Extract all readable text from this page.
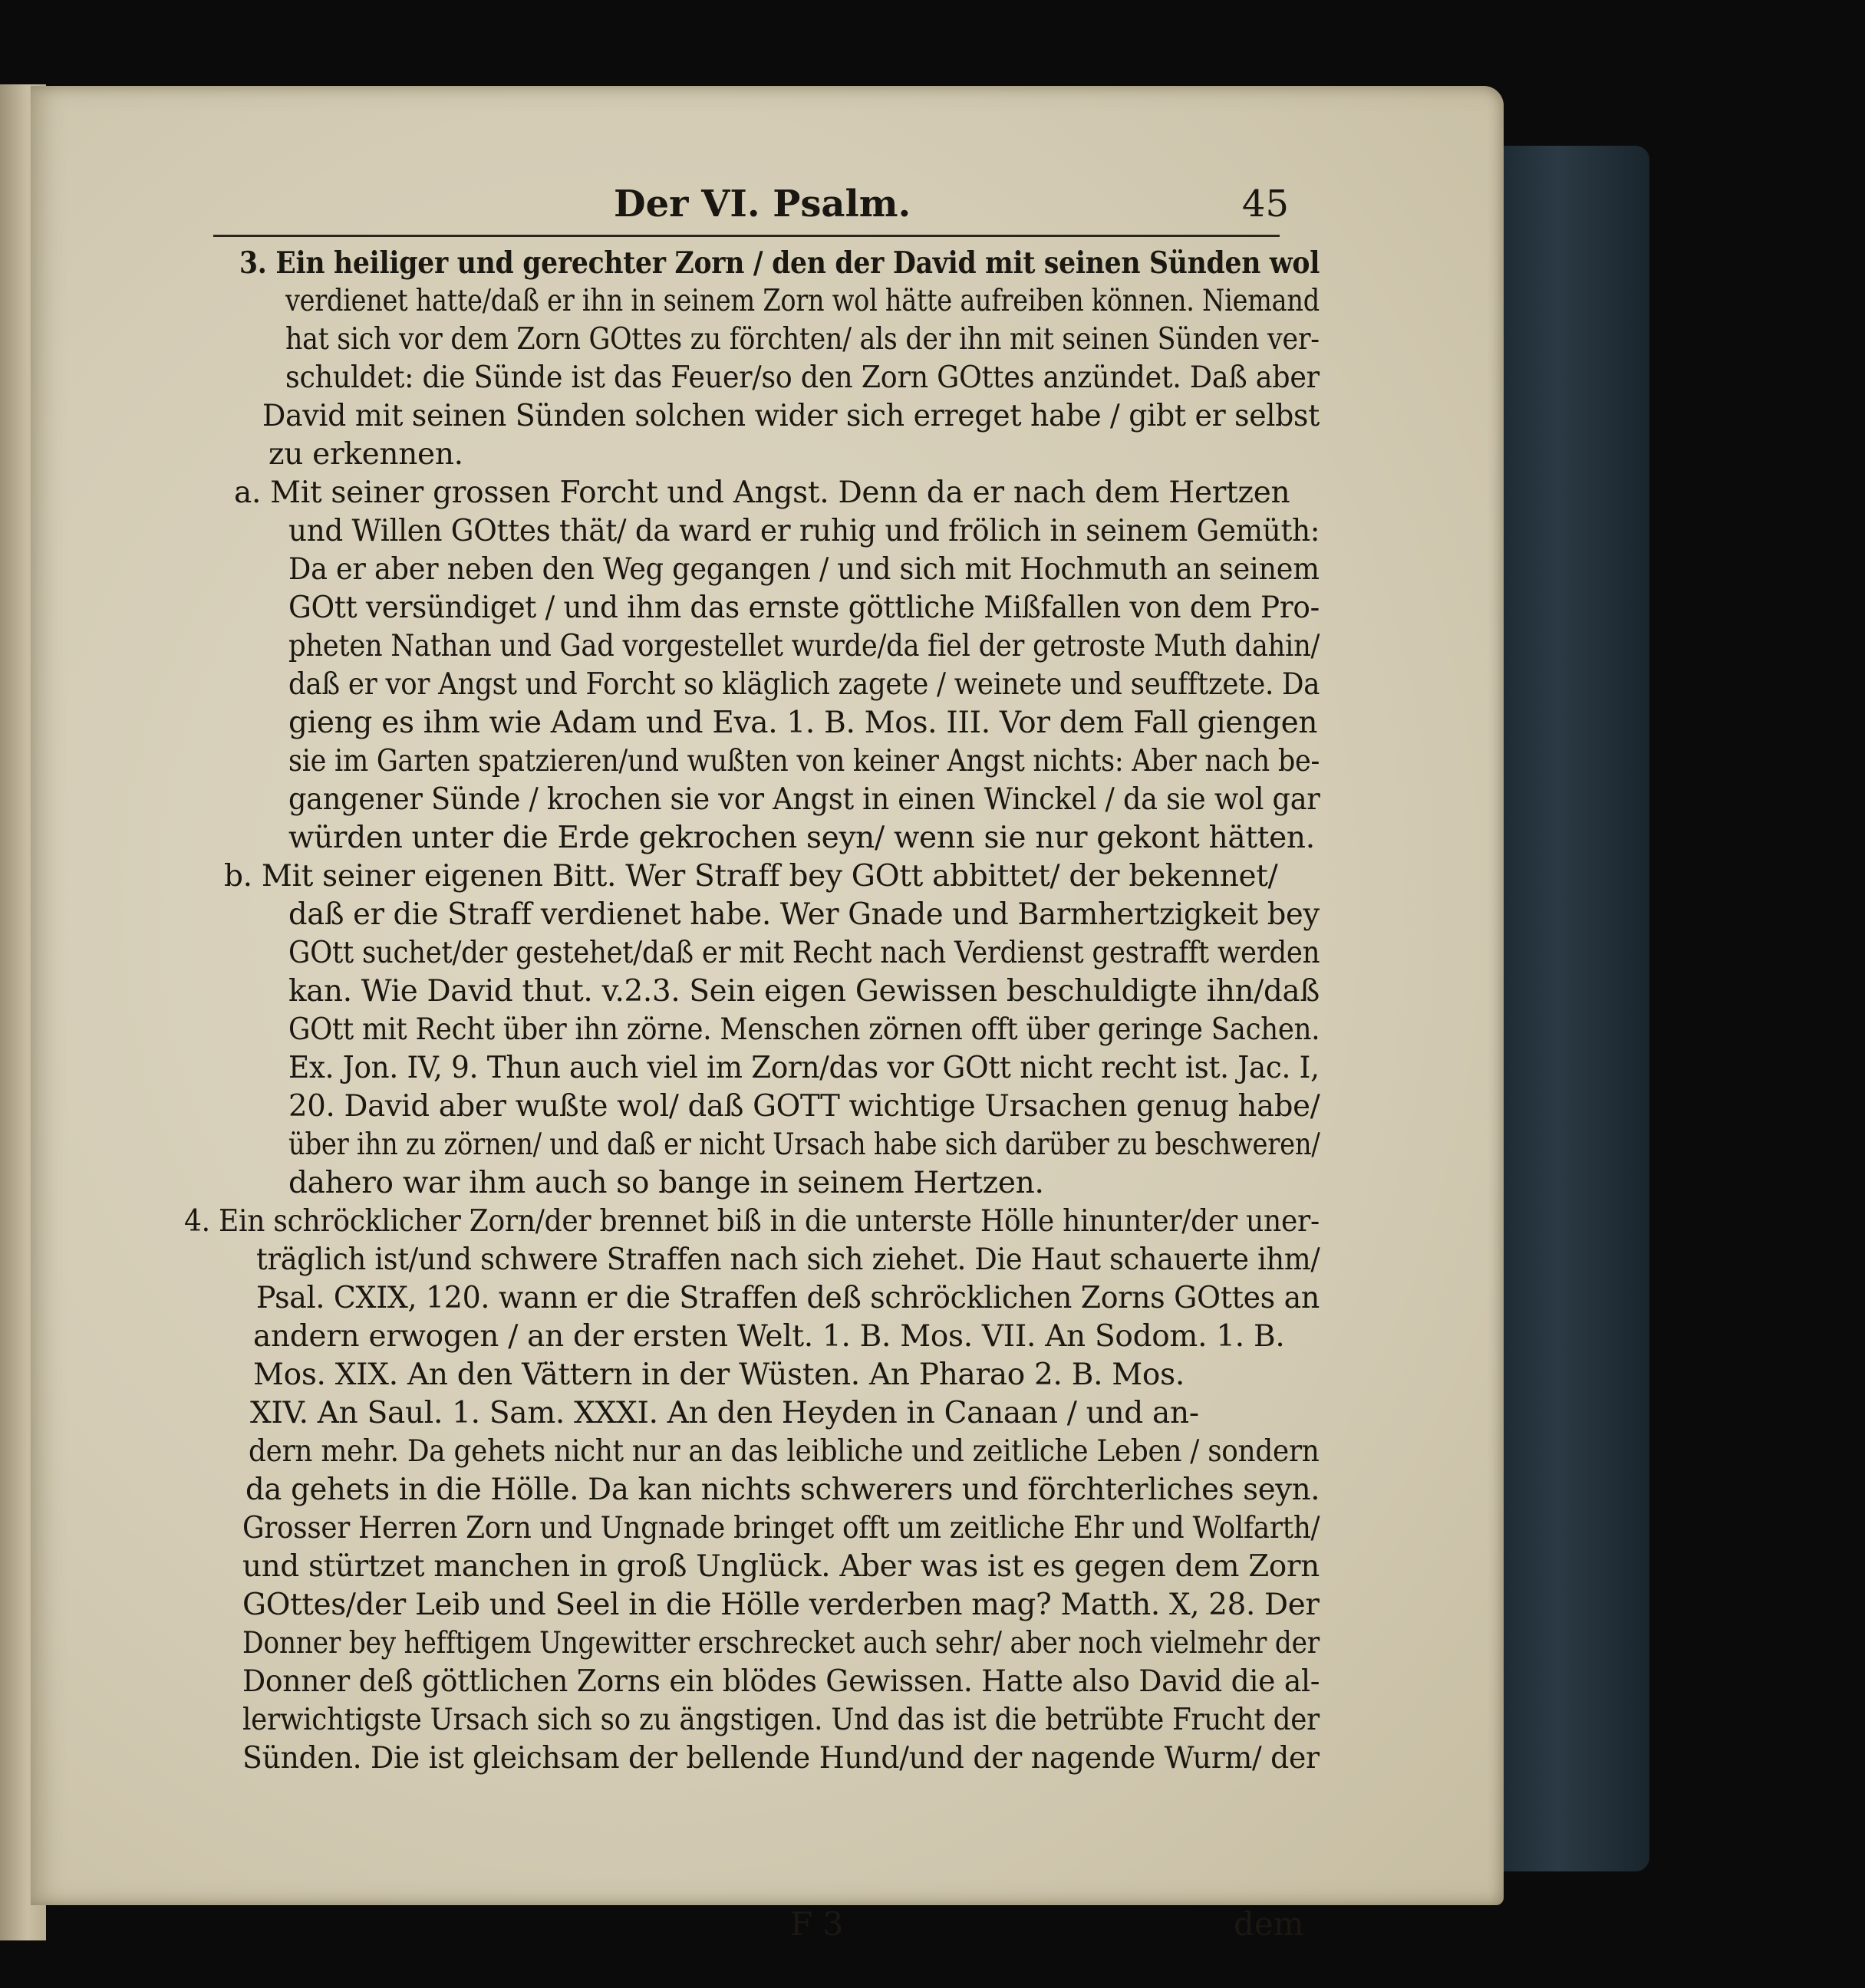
Der VI. Psalm.	45
3. Ein heiliger und gerechter Zorn / den der David mit seinen Sünden wol
verdienet hatte/daß er ihn in seinem Zorn wol hätte aufreiben können. Niemand
hat sich vor dem Zorn GOttes zu förchten/ als der ihn mit seinen Sünden ver-
schuldet: die Sünde ist das Feuer/so den Zorn GOttes anzündet. Daß aber
David mit seinen Sünden solchen wider sich erreget habe / gibt er selbst
zu erkennen.
a. Mit seiner grossen Forcht und Angst. Denn da er nach dem Hertzen
und Willen GOttes thät/ da ward er ruhig und frölich in seinem Gemüth:
Da er aber neben den Weg gegangen / und sich mit Hochmuth an seinem
GOtt versündiget / und ihm das ernste göttliche Mißfallen von dem Pro-
pheten Nathan und Gad vorgestellet wurde/da fiel der getroste Muth dahin/
daß er vor Angst und Forcht so kläglich zagete / weinete und seufftzete. Da
gieng es ihm wie Adam und Eva. 1. B. Mos. III. Vor dem Fall giengen
sie im Garten spatzieren/und wußten von keiner Angst nichts: Aber nach be-
gangener Sünde / krochen sie vor Angst in einen Winckel / da sie wol gar
würden unter die Erde gekrochen seyn/ wenn sie nur gekont hätten.
b. Mit seiner eigenen Bitt. Wer Straff bey GOtt abbittet/ der bekennet/
daß er die Straff verdienet habe. Wer Gnade und Barmhertzigkeit bey
GOtt suchet/der gestehet/daß er mit Recht nach Verdienst gestrafft werden
kan. Wie David thut. v.2.3. Sein eigen Gewissen beschuldigte ihn/daß
GOtt mit Recht über ihn zörne. Menschen zörnen offt über geringe Sachen.
Ex. Jon. IV, 9. Thun auch viel im Zorn/das vor GOtt nicht recht ist. Jac. I,
20. David aber wußte wol/ daß GOTT wichtige Ursachen genug habe/
über ihn zu zörnen/ und daß er nicht Ursach habe sich darüber zu beschweren/
dahero war ihm auch so bange in seinem Hertzen.
4. Ein schröcklicher Zorn/der brennet biß in die unterste Hölle hinunter/der uner-
träglich ist/und schwere Straffen nach sich ziehet. Die Haut schauerte ihm/
Psal. CXIX, 120. wann er die Straffen deß schröcklichen Zorns GOttes an
andern erwogen / an der ersten Welt. 1. B. Mos. VII. An Sodom. 1. B.
Mos. XIX. An den Vättern in der Wüsten. An Pharao 2. B. Mos.
XIV. An Saul. 1. Sam. XXXI. An den Heyden in Canaan / und an-
dern mehr. Da gehets nicht nur an das leibliche und zeitliche Leben / sondern
da gehets in die Hölle. Da kan nichts schwerers und förchterliches seyn.
Grosser Herren Zorn und Ungnade bringet offt um zeitliche Ehr und Wolfarth/
und stürtzet manchen in groß Unglück. Aber was ist es gegen dem Zorn
GOttes/der Leib und Seel in die Hölle verderben mag? Matth. X, 28. Der
Donner bey hefftigem Ungewitter erschrecket auch sehr/ aber noch vielmehr der
Donner deß göttlichen Zorns ein blödes Gewissen. Hatte also David die al-
lerwichtigste Ursach sich so zu ängstigen. Und das ist die betrübte Frucht der
Sünden. Die ist gleichsam der bellende Hund/und der nagende Wurm/ der
F 3	dem
